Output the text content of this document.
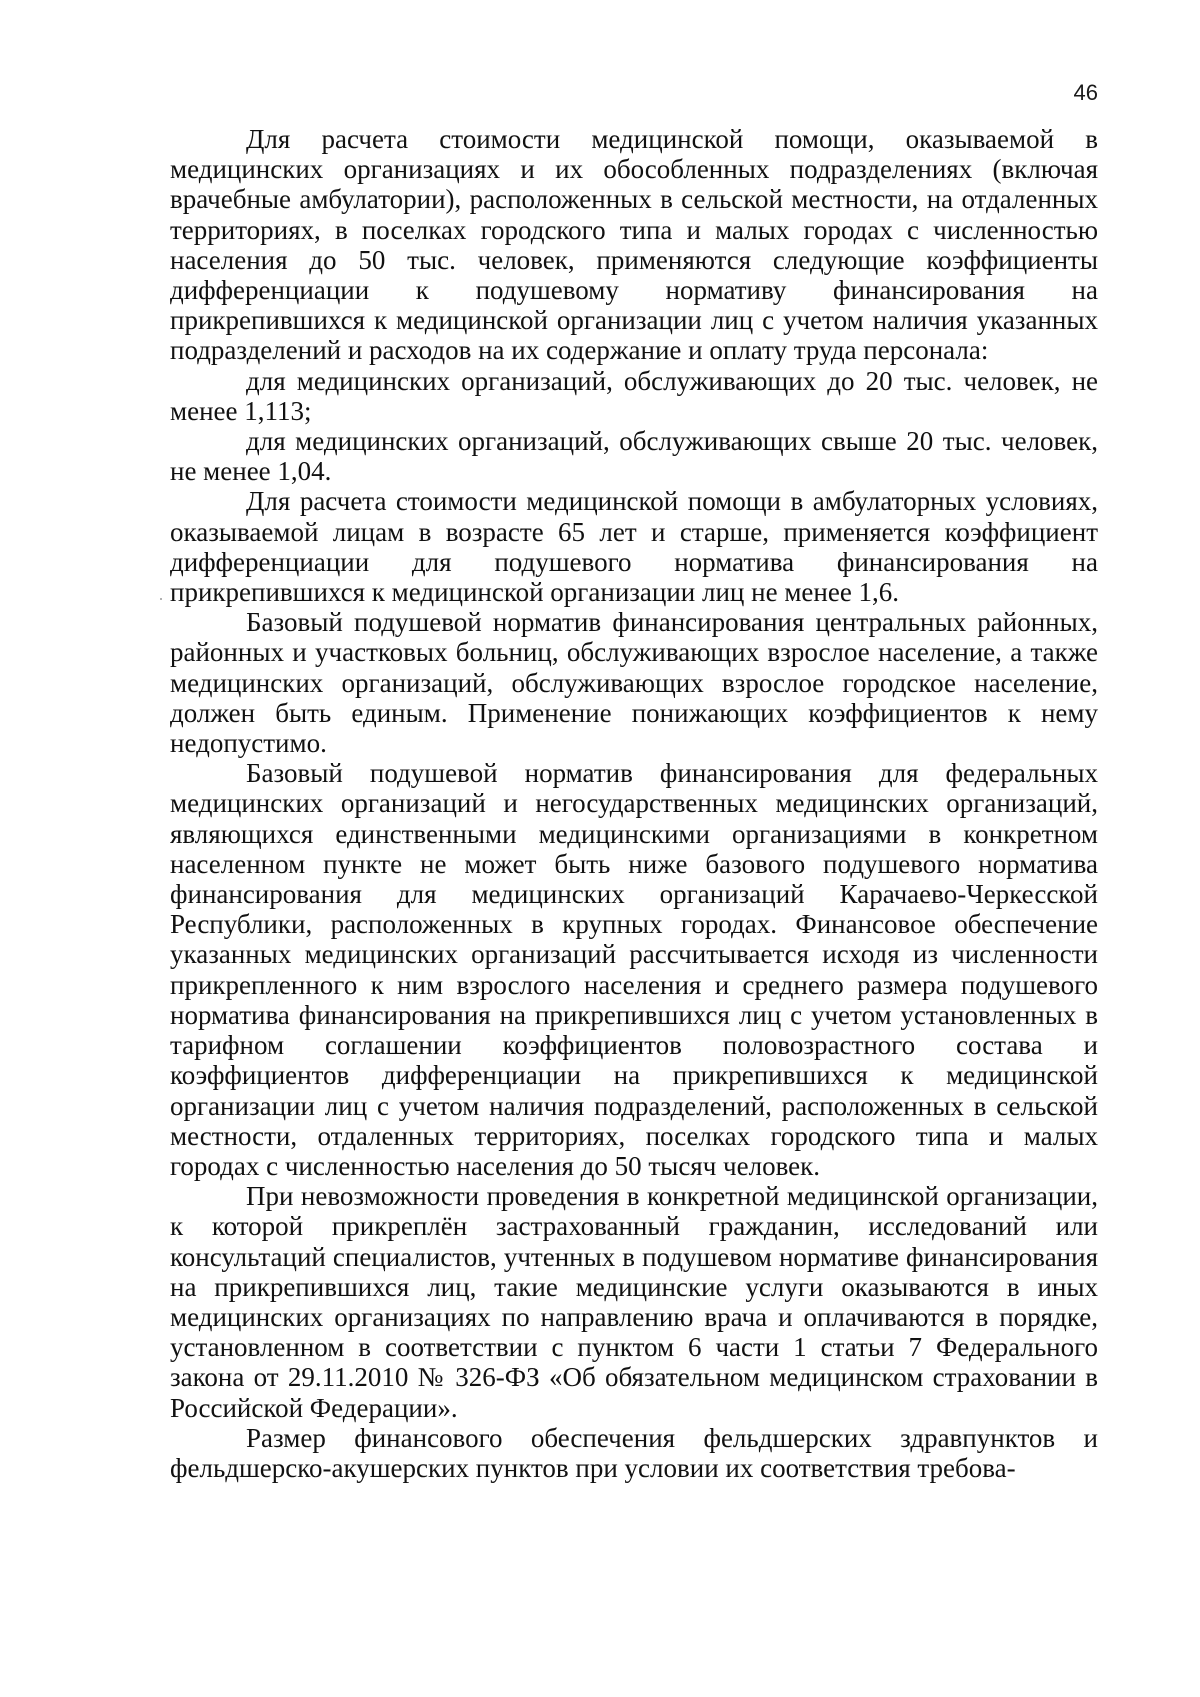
46

Для расчета стоимости медицинской помощи, оказываемой в медицинских организациях и их обособленных подразделениях (включая врачебные амбулатории), расположенных в сельской местности, на отдаленных территориях, в поселках городского типа и малых городах с численностью населения до 50 тыс. человек, применяются следующие коэффициенты дифференциации к подушевому нормативу финансирования на прикрепившихся к медицинской организации лиц с учетом наличия указанных подразделений и расходов на их содержание и оплату труда персонала:

для медицинских организаций, обслуживающих до 20 тыс. человек, не менее 1,113;

для медицинских организаций, обслуживающих свыше 20 тыс. человек, не менее 1,04.

Для расчета стоимости медицинской помощи в амбулаторных условиях, оказываемой лицам в возрасте 65 лет и старше, применяется коэффициент дифференциации для подушевого норматива финансирования на прикрепившихся к медицинской организации лиц не менее 1,6.

Базовый подушевой норматив финансирования центральных районных, районных и участковых больниц, обслуживающих взрослое население, а также медицинских организаций, обслуживающих взрослое городское население, должен быть единым. Применение понижающих коэффициентов к нему недопустимо.

Базовый подушевой норматив финансирования для федеральных медицинских организаций и негосударственных медицинских организаций, являющихся единственными медицинскими организациями в конкретном населенном пункте не может быть ниже базового подушевого норматива финансирования для медицинских организаций Карачаево-Черкесской Республики, расположенных в крупных городах. Финансовое обеспечение указанных медицинских организаций рассчитывается исходя из численности прикрепленного к ним взрослого населения и среднего размера подушевого норматива финансирования на прикрепившихся лиц с учетом установленных в тарифном соглашении коэффициентов половозрастного состава и коэффициентов дифференциации на прикрепившихся к медицинской организации лиц с учетом наличия подразделений, расположенных в сельской местности, отдаленных территориях, поселках городского типа и малых городах с численностью населения до 50 тысяч человек.

При невозможности проведения в конкретной медицинской организации, к которой прикреплён застрахованный гражданин, исследований или консультаций специалистов, учтенных в подушевом нормативе финансирования на прикрепившихся лиц, такие медицинские услуги оказываются в иных медицинских организациях по направлению врача и оплачиваются в порядке, установленном в соответствии с пунктом 6 части 1 статьи 7 Федерального закона от 29.11.2010 № 326-ФЗ «Об обязательном медицинском страховании в Российской Федерации».

Размер финансового обеспечения фельдшерских здравпунктов и фельдшерско-акушерских пунктов при условии их соответствия требова-
